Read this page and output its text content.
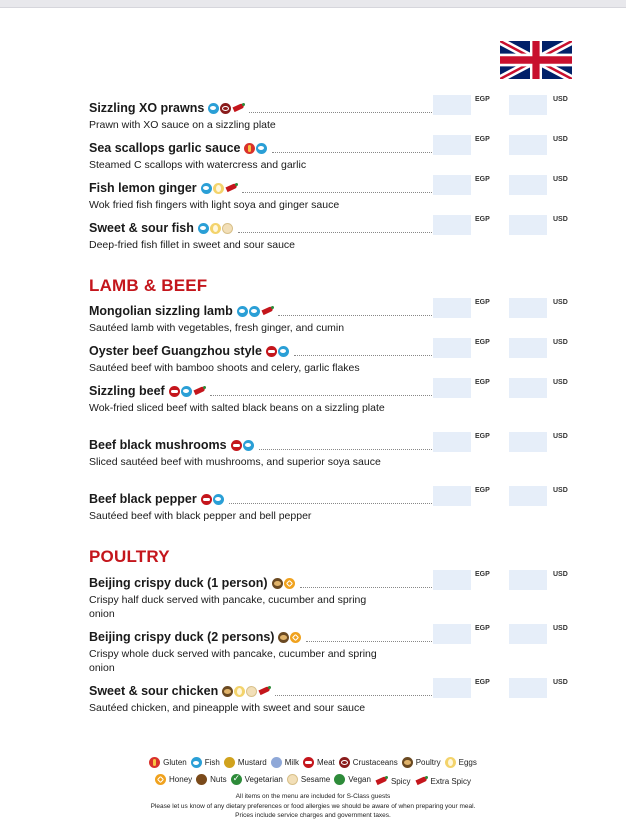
Sizzling XO prawns
EGP	USD
Prawn with XO sauce on a sizzling plate
Sea scallops garlic sauce
EGP	USD
Steamed C scallops with watercress and garlic
Fish lemon ginger
EGP	USD
Wok fried fish fingers with light soya and ginger sauce
Sweet & sour fish
EGP	USD
Deep-fried fish fillet in sweet and sour sauce
LAMB & BEEF
Mongolian sizzling lamb
EGP	USD
Sautéed lamb with vegetables, fresh ginger, and cumin
Oyster beef Guangzhou style
EGP	USD
Sautéed beef with bamboo shoots and celery, garlic flakes
Sizzling beef
EGP	USD
Wok-fried sliced beef with salted black beans on a sizzling plate
Beef black mushrooms
EGP	USD
Sliced sautéed beef with mushrooms, and superior soya sauce
Beef black pepper
EGP	USD
Sautéed beef with black pepper and bell pepper
POULTRY
Beijing crispy duck (1 person)
EGP	USD
Crispy half duck served with pancake, cucumber and spring onion
Beijing crispy duck (2 persons)
EGP	USD
Crispy whole duck served with pancake, cucumber and spring onion
Sweet & sour chicken
EGP	USD
Sautéed chicken, and pineapple with sweet and sour sauce
Gluten Fish Mustard Milk Meat Crustaceans Poultry Eggs
Honey Nuts
✓ Vegetarian Sesame Vegan	Spicy	Extra Spicy
All items on the menu are included for S-Class guests
Please let us know of any dietary preferences or food allergies we should be aware of when preparing your meal.
Prices include service charges and government taxes.
